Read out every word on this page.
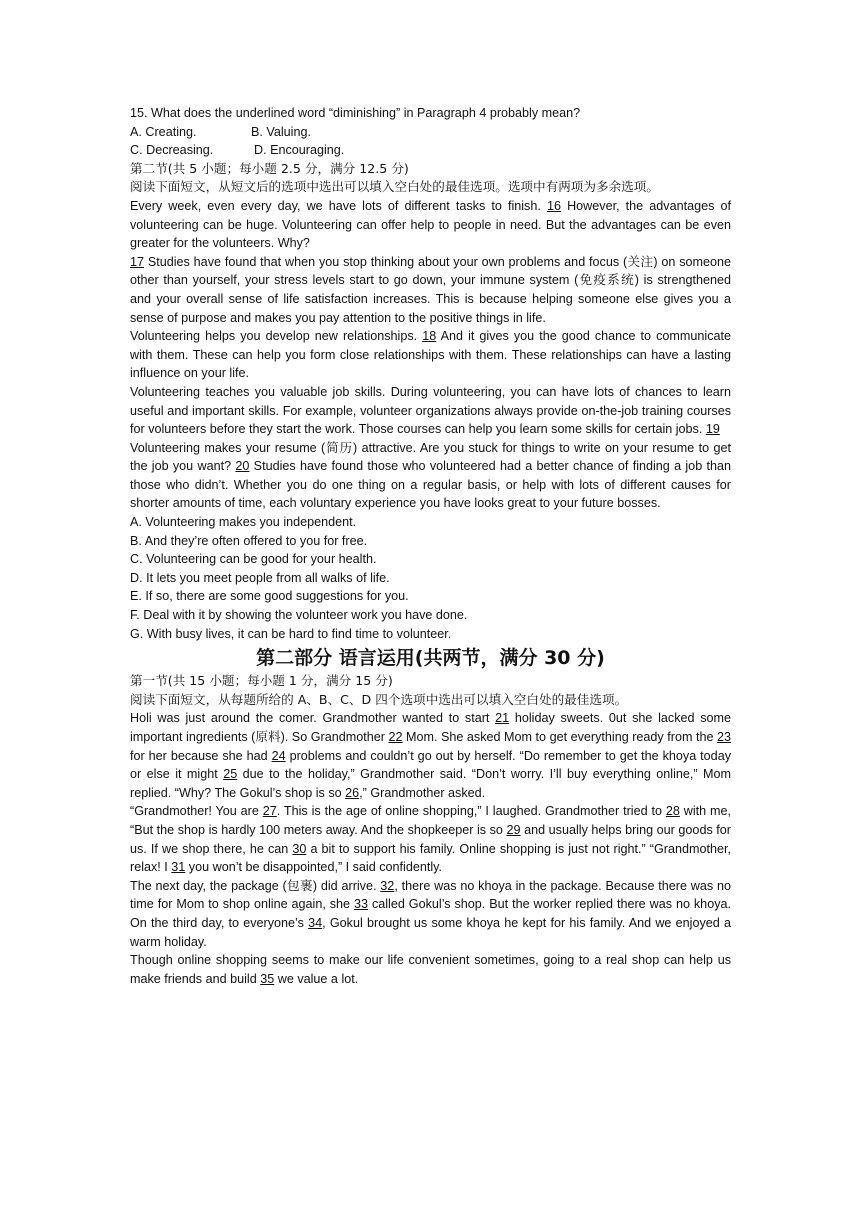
15. What does the underlined word “diminishing” in Paragraph 4 probably mean?
A. Creating.	B. Valuing.
C. Decreasing.	D. Encouraging.
第二节(共 5 小题；每小题 2.5 分，满分 12.5 分)

阅读下面短文，从短文后的选项中选出可以填入空白处的最佳选项。选项中有两项为多余选项。

Every week, even every day, we have lots of different tasks to finish. 16 However, the advantages of volunteering can be huge. Volunteering can offer help to people in need. But the advantages can be even greater for the volunteers. Why?

17 Studies have found that when you stop thinking about your own problems and focus (关注) on someone other than yourself, your stress levels start to go down, your immune system (免疫系统) is strengthened and your overall sense of life satisfaction increases. This is because helping someone else gives you a sense of purpose and makes you pay attention to the positive things in life.

Volunteering helps you develop new relationships. 18 And it gives you the good chance to communicate with them. These can help you form close relationships with them. These relationships can have a lasting influence on your life.

Volunteering teaches you valuable job skills. During volunteering, you can have lots of chances to learn useful and important skills. For example, volunteer organizations always provide on-the-job training courses for volunteers before they start the work. Those courses can help you learn some skills for certain jobs. 19

Volunteering makes your resume (简历) attractive. Are you stuck for things to write on your resume to get the job you want? 20 Studies have found those who volunteered had a better chance of finding a job than those who didn’t. Whether you do one thing on a regular basis, or help with lots of different causes for shorter amounts of time, each voluntary experience you have looks great to your future bosses.

A. Volunteering makes you independent.
B. And they’re often offered to you for free.
C. Volunteering can be good for your health.
D. It lets you meet people from all walks of life.
E. If so, there are some good suggestions for you.
F. Deal with it by showing the volunteer work you have done.
G. With busy lives, it can be hard to find time to volunteer.
第二部分 语言运用(共两节，满分 30 分)
第一节(共 15 小题；每小题 1 分，满分 15 分)

阅读下面短文，从每题所给的 A、B、C、D 四个选项中选出可以填入空白处的最佳选项。

Holi was just around the comer. Grandmother wanted to start 21 holiday sweets. 0ut she lacked some important ingredients (原料). So Grandmother 22 Mom. She asked Mom to get everything ready from the 23 for her because she had 24 problems and couldn’t go out by herself. “Do remember to get the khoya today or else it might 25 due to the holiday,” Grandmother said. “Don’t worry. I’ll buy everything online,” Mom replied. “Why? The Gokul’s shop is so 26,” Grandmother asked.

“Grandmother! You are 27. This is the age of online shopping,” I laughed. Grandmother tried to 28 with me, “But the shop is hardly 100 meters away. And the shopkeeper is so 29 and usually helps bring our goods for us. If we shop there, he can 30 a bit to support his family. Online shopping is just not right.” “Grandmother, relax! I 31 you won’t be disappointed,” I said confidently.

The next day, the package (包裹) did arrive. 32, there was no khoya in the package. Because there was no time for Mom to shop online again, she 33 called Gokul’s shop. But the worker replied there was no khoya. On the third day, to everyone’s 34, Gokul brought us some khoya he kept for his family. And we enjoyed a warm holiday.

Though online shopping seems to make our life convenient sometimes, going to a real shop can help us make friends and build 35 we value a lot.
